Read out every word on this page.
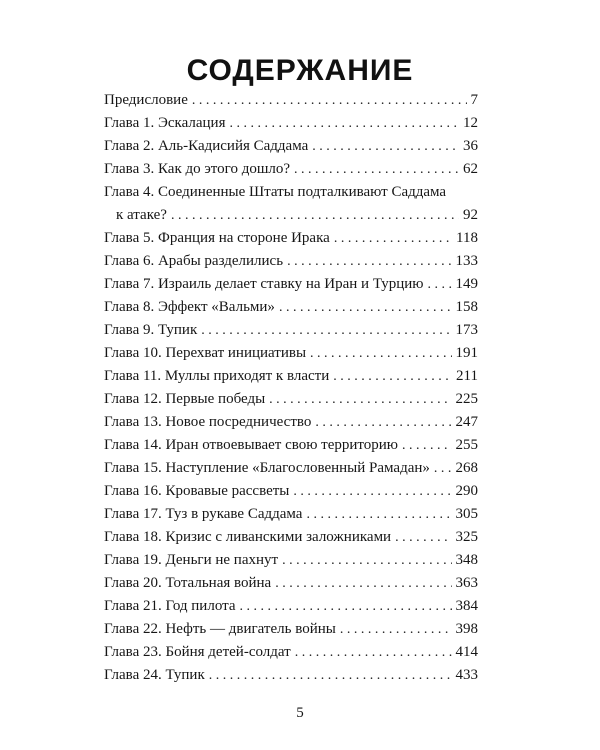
СОДЕРЖАНИЕ
Предисловие . . .	7
Глава 1. Эскалация . . .	12
Глава 2. Аль-Кадисийя Саддама . . .	36
Глава 3. Как до этого дошло? . . .	62
Глава 4. Соединенные Штаты подталкивают Саддама
к атаке? . . .	92
Глава 5. Франция на стороне Ирака . . .	118
Глава 6. Арабы разделились . . .	133
Глава 7. Израиль делает ставку на Иран и Турцию . . . 149
Глава 8. Эффект «Вальми» . . .	158
Глава 9. Тупик . . .	173
Глава 10. Перехват инициативы . . .	191
Глава 11. Муллы приходят к власти . . .	211
Глава 12. Первые победы . . .	225
Глава 13. Новое посредничество . . .	247
Глава 14. Иран отвоевывает свою территорию . . .	255
Глава 15. Наступление «Благословенный Рамадан» . . . 268
Глава 16. Кровавые рассветы . . .	290
Глава 17. Туз в рукаве Саддама . . .	305
Глава 18. Кризис с ливанскими заложниками . . .	325
Глава 19. Деньги не пахнут . . .	348
Глава 20. Тотальная война . . .	363
Глава 21. Год пилота . . .	384
Глава 22. Нефть — двигатель войны . . .	398
Глава 23. Бойня детей-солдат . . .	414
Глава 24. Тупик . . .	433
5
